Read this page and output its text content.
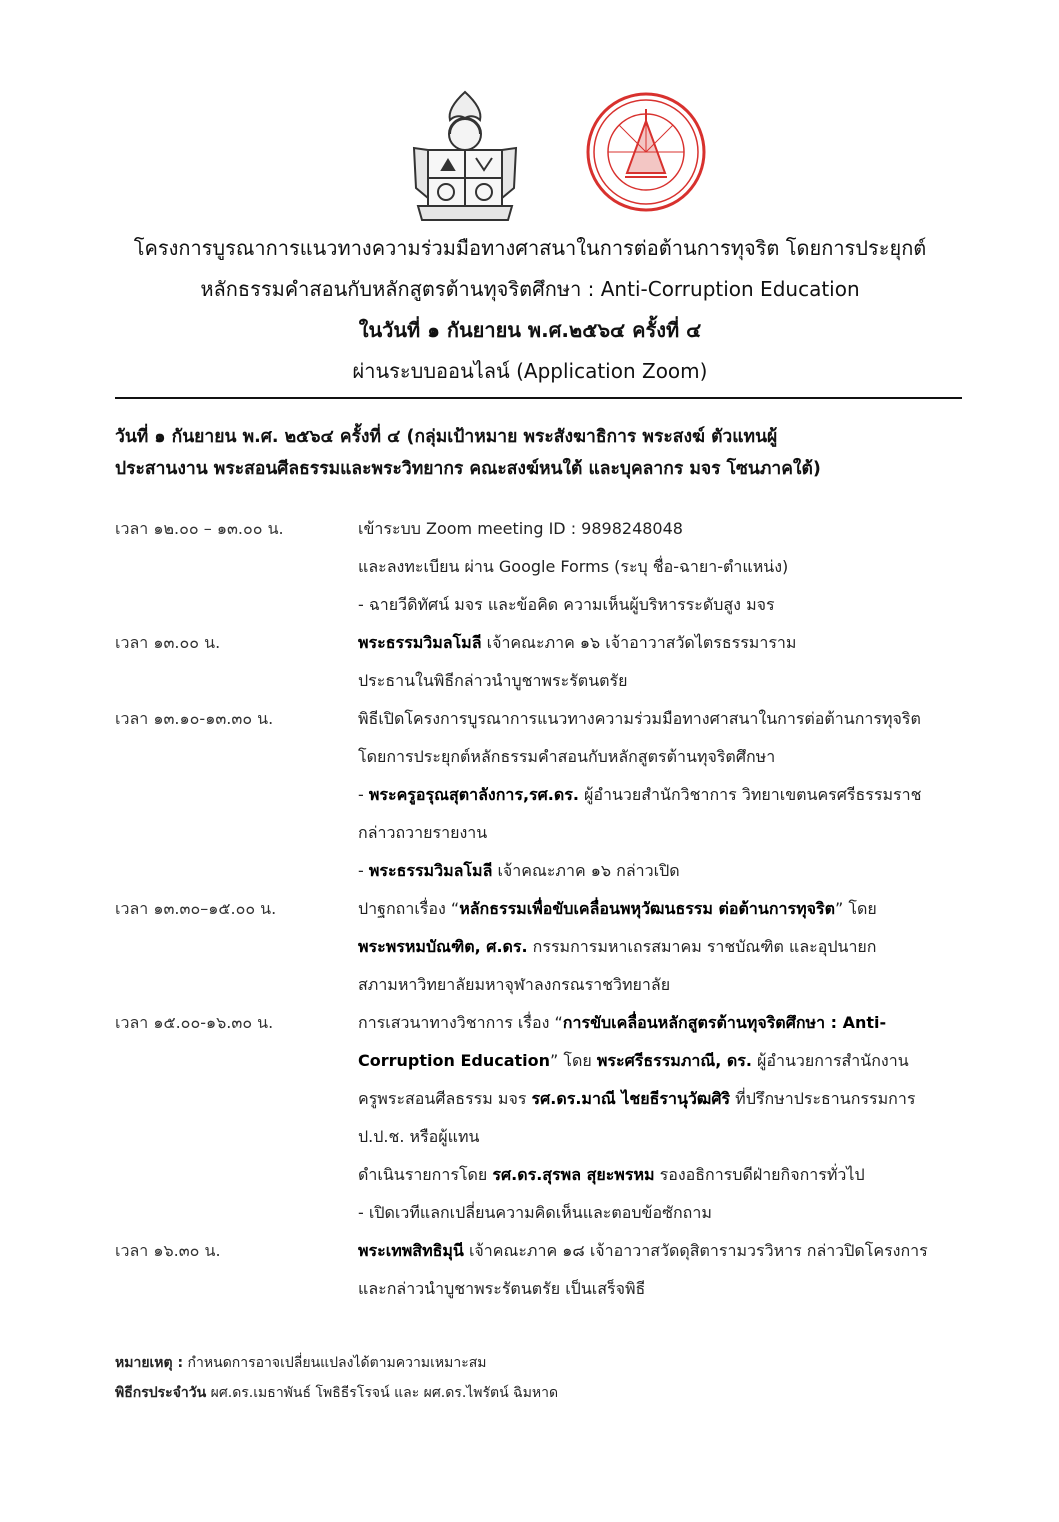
โครงการบูรณาการแนวทางความร่วมมือทางศาสนาในการต่อต้านการทุจริต โดยการประยุกต์
หลักธรรมคำสอนกับหลักสูตรต้านทุจริตศึกษา : Anti-Corruption Education
ในวันที่ ๑ กันยายน พ.ศ.๒๕๖๔ ครั้งที่ ๔
ผ่านระบบออนไลน์ (Application Zoom)
วันที่ ๑ กันยายน พ.ศ. ๒๕๖๔ ครั้งที่ ๔ (กลุ่มเป้าหมาย พระสังฆาธิการ พระสงฆ์ ตัวแทนผู้
ประสานงาน พระสอนศีลธรรมและพระวิทยากร คณะสงฆ์หนใต้ และบุคลากร มจร โซนภาคใต้)
เวลา ๑๒.๐๐ – ๑๓.๐๐ น.	เข้าระบบ Zoom meeting ID : 9898248048
และลงทะเบียน ผ่าน Google Forms (ระบุ ชื่อ-ฉายา-ตำแหน่ง)
- ฉายวีดิทัศน์ มจร และข้อคิด ความเห็นผู้บริหารระดับสูง มจร
เวลา ๑๓.๐๐ น.	พระธรรมวิมลโมลี เจ้าคณะภาค ๑๖ เจ้าอาวาสวัดไตรธรรมาราม
ประธานในพิธีกล่าวนำบูชาพระรัตนตรัย
เวลา ๑๓.๑๐-๑๓.๓๐ น.	พิธีเปิดโครงการบูรณาการแนวทางความร่วมมือทางศาสนาในการต่อต้านการทุจริต
โดยการประยุกต์หลักธรรมคำสอนกับหลักสูตรต้านทุจริตศึกษา
- พระครูอรุณสุตาลังการ,รศ.ดร. ผู้อำนวยสำนักวิชาการ วิทยาเขตนครศรีธรรมราช
กล่าวถวายรายงาน
- พระธรรมวิมลโมลี เจ้าคณะภาค ๑๖ กล่าวเปิด
เวลา ๑๓.๓๐–๑๕.๐๐ น.	ปาฐกถาเรื่อง “หลักธรรมเพื่อขับเคลื่อนพหุวัฒนธรรม ต่อต้านการทุจริต” โดย
พระพรหมบัณฑิต, ศ.ดร. กรรมการมหาเถรสมาคม ราชบัณฑิต และอุปนายก
สภามหาวิทยาลัยมหาจุฬาลงกรณราชวิทยาลัย
เวลา ๑๕.๐๐-๑๖.๓๐ น.	การเสวนาทางวิชาการ เรื่อง “การขับเคลื่อนหลักสูตรต้านทุจริตศึกษา : Anti-
Corruption Education” โดย พระศรีธรรมภาณี, ดร. ผู้อำนวยการสำนักงาน
ครูพระสอนศีลธรรม มจร รศ.ดร.มาณี ไชยธีรานุวัฒศิริ ที่ปรึกษาประธานกรรมการ
ป.ป.ช. หรือผู้แทน
ดำเนินรายการโดย รศ.ดร.สุรพล สุยะพรหม รองอธิการบดีฝ่ายกิจการทั่วไป
- เปิดเวทีแลกเปลี่ยนความคิดเห็นและตอบข้อซักถาม
เวลา ๑๖.๓๐ น.	พระเทพสิทธิมุนี เจ้าคณะภาค ๑๘ เจ้าอาวาสวัดดุสิตารามวรวิหาร กล่าวปิดโครงการ
และกล่าวนำบูชาพระรัตนตรัย เป็นเสร็จพิธี
หมายเหตุ : กำหนดการอาจเปลี่ยนแปลงได้ตามความเหมาะสม
พิธีกรประจำวัน ผศ.ดร.เมธาพันธ์ โพธิธีรโรจน์ และ ผศ.ดร.ไพรัตน์ ฉิมหาด
